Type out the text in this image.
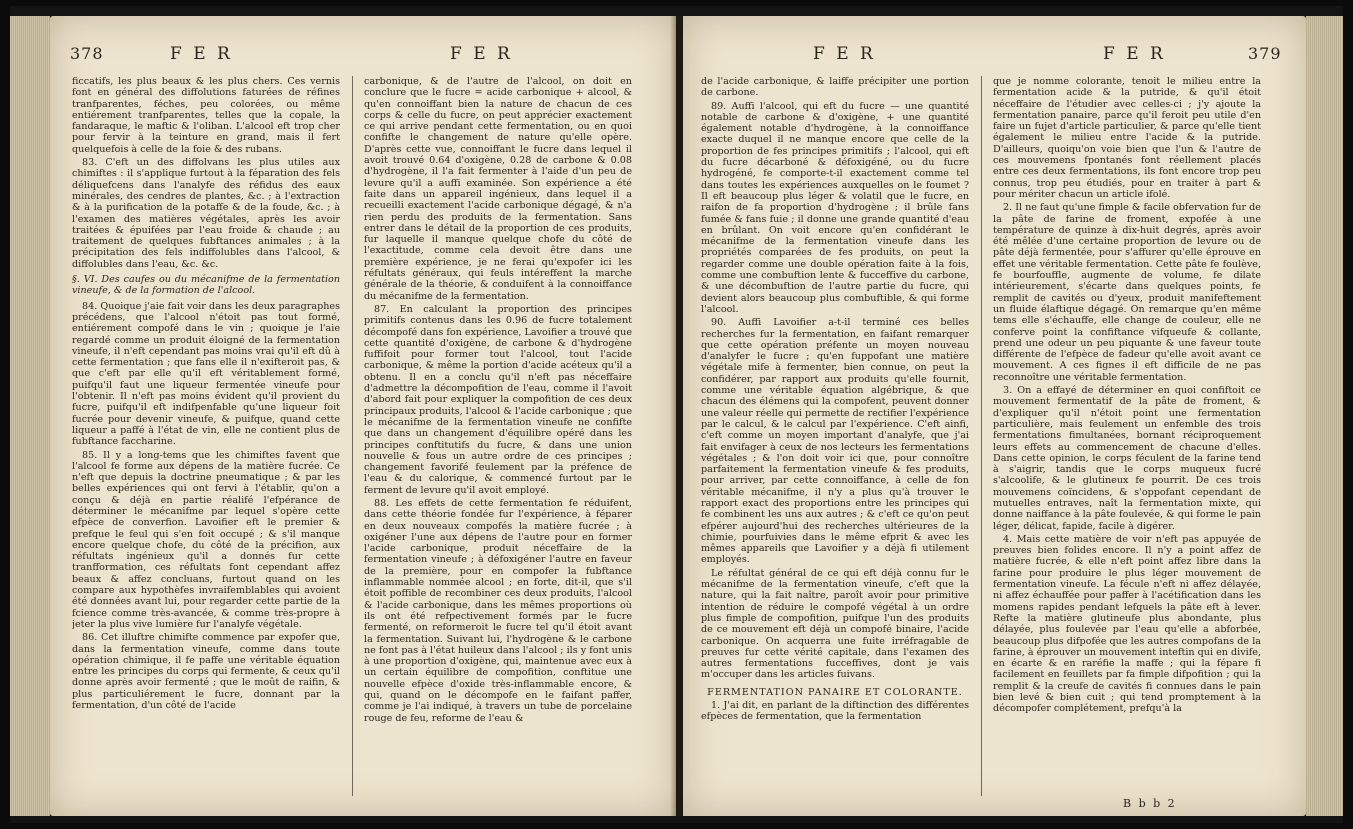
378	F E R	F E R

ficcatifs, les plus beaux & les plus chers. Ces vernis font en général des diffolutions faturées de réfines tranfparentes, féches, peu colorées, ou même entiérement tranfparentes, telles que la copale, la fandaraque, le maftic & l'oliban. L'alcool eft trop cher pour fervir à la teinture en grand, mais il fert quelquefois à celle de la foie & des rubans.

83. C'eft un des diffolvans les plus utiles aux chimiftes : il s'applique furtout à la féparation des fels déliquefcens dans l'analyfe des réfidus des eaux minérales, des cendres de plantes, &c. ; à l'extraction & à la purification de la potaffe & de la foude, &c. ; à l'examen des matières végétales, après les avoir traitées & épuifées par l'eau froide & chaude ; au traitement de quelques fubftances animales ; à la précipitation des fels indiffolubles dans l'alcool, & diffolubles dans l'eau, &c. &c.

§. VI. Des caufes ou du mécanifme de la fermentation vineufe, & de la formation de l'alcool.

84. Quoique j'aie fait voir dans les deux paragraphes précédens, que l'alcool n'étoit pas tout formé, entiérement compofé dans le vin ; quoique je l'aie regardé comme un produit éloigné de la fermentation vineufe, il n'eft cependant pas moins vrai qu'il eft dû à cette fermentation ; que fans elle il n'exifteroit pas, & que c'eft par elle qu'il eft véritablement formé, puifqu'il faut une liqueur fermentée vineufe pour l'obtenir. Il n'eft pas moins évident qu'il provient du fucre, puifqu'il eft indifpenfable qu'une liqueur foit fucrée pour devenir vineufe, & puifque, quand cette liqueur a paffé à l'état de vin, elle ne contient plus de fubftance faccharine.

85. Il y a long-tems que les chimiftes favent que l'alcool fe forme aux dépens de la matière fucrée. Ce n'eft que depuis la doctrine pneumatique ; & par les belles expériences qui ont fervi à l'établir, qu'on a conçu & déjà en partie réalifé l'efpérance de déterminer le mécanifme par lequel s'opère cette efpèce de converfion. Lavoifier eft le premier & prefque le feul qui s'en foit occupé ; & s'il manque encore quelque chofe, du côté de la précifion, aux réfultats ingénieux qu'il a donnés fur cette tranfformation, ces réfultats font cependant affez beaux & affez concluans, furtout quand on les compare aux hypothèfes invraifemblables qui avoient été données avant lui, pour regarder cette partie de la fcience comme très-avancée, & comme très-propre à jeter la plus vive lumière fur l'analyfe végétale.

86. Cet illuftre chimifte commence par expofer que, dans la fermentation vineufe, comme dans toute opération chimique, il fe paffe une véritable équation entre les principes du corps qui fermente, & ceux qu'il donne après avoir fermenté ; que le moût de raifin, & plus particuliérement le fucre, donnant par la fermentation, d'un côté de l'acide

carbonique, & de l'autre de l'alcool, on doit en conclure que le fucre = acide carbonique + alcool, & qu'en connoiffant bien la nature de chacun de ces corps & celle du fucre, on peut apprécier exactement ce qui arrive pendant cette fermentation, ou en quoi confifte le changement de nature qu'elle opère. D'après cette vue, connoiffant le fucre dans lequel il avoit trouvé 0.64 d'oxigène, 0.28 de carbone & 0.08 d'hydrogène, il l'a fait fermenter à l'aide d'un peu de levure qu'il a auffi examinée. Son expérience a été faite dans un appareil ingénieux, dans lequel il a recueilli exactement l'acide carbonique dégagé, & n'a rien perdu des produits de la fermentation. Sans entrer dans le détail de la proportion de ces produits, fur laquelle il manque quelque chofe du côté de l'exactitude, comme cela devoit être dans une première expérience, je ne ferai qu'expofer ici les réfultats généraux, qui feuls intéreffent la marche générale de la théorie, & conduifent à la connoiffance du mécanifme de la fermentation.

87. En calculant la proportion des principes primitifs contenus dans les 0.96 de fucre totalement décompofé dans fon expérience, Lavoifier a trouvé que cette quantité d'oxigène, de carbone & d'hydrogène fuffifoit pour former tout l'alcool, tout l'acide carbonique, & même la portion d'acide acéteux qu'il a obtenu. Il en a conclu qu'il n'eft pas néceffaire d'admettre la décompofition de l'eau, comme il l'avoit d'abord fait pour expliquer la compofition de ces deux principaux produits, l'alcool & l'acide carbonique ; que le mécanifme de la fermentation vineufe ne confifte que dans un changement d'équilibre opéré dans les principes conftitutifs du fucre, & dans une union nouvelle & fous un autre ordre de ces principes ; changement favorifé feulement par la préfence de l'eau & du calorique, & commencé furtout par le ferment de levure qu'il avoit employé.

88. Les effets de cette fermentation fe réduifent, dans cette théorie fondée fur l'expérience, à féparer en deux nouveaux compofés la matière fucrée ; à oxigéner l'une aux dépens de l'autre pour en former l'acide carbonique, produit néceffaire de la fermentation vineufe ; à défoxigéner l'autre en faveur de la première, pour en compofer la fubftance inflammable nommée alcool ; en forte, dit-il, que s'il étoit poffible de recombiner ces deux produits, l'alcool & l'acide carbonique, dans les mêmes proportions où ils ont été refpectivement formés par le fucre fermenté, on reformeroit le fucre tel qu'il étoit avant la fermentation. Suivant lui, l'hydrogène & le carbone ne font pas à l'état huileux dans l'alcool ; ils y font unis à une proportion d'oxigène, qui, maintenue avec eux à un certain équilibre de compofition, conftitue une nouvelle efpèce d'oxide très-inflammable encore, & qui, quand on le décompofe en le faifant paffer, comme je l'ai indiqué, à travers un tube de porcelaine rouge de feu, reforme de l'eau &

F E R	F E R	379

de l'acide carbonique, & laiffe précipiter une portion de carbone.

89. Auffi l'alcool, qui eft du fucre — une quantité notable de carbone & d'oxigène, + une quantité également notable d'hydrogène, à la connoiffance exacte duquel il ne manque encore que celle de la proportion de fes principes primitifs ; l'alcool, qui eft du fucre décarboné & défoxigéné, ou du fucre hydrogéné, fe comporte-t-il exactement comme tel dans toutes les expériences auxquelles on le foumet ? Il eft beaucoup plus léger & volatil que le fucre, en raifon de fa proportion d'hydrogène ; il brûle fans fumée & fans fuie ; il donne une grande quantité d'eau en brûlant. On voit encore qu'en confidérant le mécanifme de la fermentation vineufe dans les propriétés comparées de fes produits, on peut la regarder comme une double opération faite à la fois, comme une combuftion lente & fucceffive du carbone, & une décombuftion de l'autre partie du fucre, qui devient alors beaucoup plus combuftible, & qui forme l'alcool.

90. Auffi Lavoifier a-t-il terminé ces belles recherches fur la fermentation, en faifant remarquer que cette opération préfente un moyen nouveau d'analyfer le fucre ; qu'en fuppofant une matière végétale mife à fermenter, bien connue, on peut la confidérer, par rapport aux produits qu'elle fournit, comme une véritable équation algébrique, & que chacun des élémens qui la compofent, peuvent donner une valeur réelle qui permette de rectifier l'expérience par le calcul, & le calcul par l'expérience. C'eft ainfi, c'eft comme un moyen important d'analyfe, que j'ai fait envifager à ceux de nos lecteurs les fermentations végétales ; & l'on doit voir ici que, pour connoître parfaitement la fermentation vineufe & fes produits, pour arriver, par cette connoiffance, à celle de fon véritable mécanifme, il n'y a plus qu'à trouver le rapport exact des proportions entre les principes qui fe combinent les uns aux autres ; & c'eft ce qu'on peut efpérer aujourd'hui des recherches ultérieures de la chimie, pourfuivies dans le même efprit & avec les mêmes appareils que Lavoifier y a déjà fi utilement employés.

Le réfultat général de ce qui eft déjà connu fur le mécanifme de la fermentation vineufe, c'eft que la nature, qui la fait naître, paroît avoir pour primitive intention de réduire le compofé végétal à un ordre plus fimple de compofition, puifque l'un des produits de ce mouvement eft déjà un compofé binaire, l'acide carbonique. On acquerra une fuite irréfragable de preuves fur cette vérité capitale, dans l'examen des autres fermentations fucceffives, dont je vais m'occuper dans les articles fuivans.

FERMENTATION PANAIRE ET COLORANTE.

1. J'ai dit, en parlant de la diftinction des différentes efpèces de fermentation, que la fermentation

que je nomme colorante, tenoit le milieu entre la fermentation acide & la putride, & qu'il étoit néceffaire de l'étudier avec celles-ci ; j'y ajoute la fermentation panaire, parce qu'il feroit peu utile d'en faire un fujet d'article particulier, & parce qu'elle tient également le milieu entre l'acide & la putride. D'ailleurs, quoiqu'on voie bien que l'un & l'autre de ces mouvemens fpontanés font réellement placés entre ces deux fermentations, ils font encore trop peu connus, trop peu étudiés, pour en traiter à part & pour mériter chacun un article ifolé.

2. Il ne faut qu'une fimple & facile obfervation fur de la pâte de farine de froment, expofée à une température de quinze à dix-huit degrés, après avoir été mêlée d'une certaine proportion de levure ou de pâte déjà fermentée, pour s'affurer qu'elle éprouve en effet une véritable fermentation. Cette pâte fe foulève, fe bourfouffle, augmente de volume, fe dilate intérieurement, s'écarte dans quelques points, fe remplit de cavités ou d'yeux, produit manifeftement un fluide élaftique dégagé. On remarque qu'en même tems elle s'échauffe, elle change de couleur, elle ne conferve point la confiftance vifqueufe & collante, prend une odeur un peu piquante & une faveur toute différente de l'efpèce de fadeur qu'elle avoit avant ce mouvement. A ces fignes il eft difficile de ne pas reconnoître une véritable fermentation.

3. On a effayé de déterminer en quoi confiftoit ce mouvement fermentatif de la pâte de froment, & d'expliquer qu'il n'étoit point une fermentation particulière, mais feulement un enfemble des trois fermentations fimultanées, bornant réciproquement leurs effets au commencement de chacune d'elles. Dans cette opinion, le corps féculent de la farine tend à s'aigrir, tandis que le corps muqueux fucré s'alcoolife, & le glutineux fe pourrit. De ces trois mouvemens coïncidens, & s'oppofant cependant de mutuelles entraves, naît la fermentation mixte, qui donne naiffance à la pâte foulevée, & qui forme le pain léger, délicat, fapide, facile à digérer.

4. Mais cette matière de voir n'eft pas appuyée de preuves bien folides encore. Il n'y a point affez de matière fucrée, & elle n'eft point affez libre dans la farine pour produire le plus léger mouvement de fermentation vineufe. La fécule n'eft ni affez délayée, ni affez échauffée pour paffer à l'acétification dans les momens rapides pendant lefquels la pâte eft à lever. Refte la matière glutineufe plus abondante, plus délayée, plus foulevée par l'eau qu'elle a abforbée, beaucoup plus difpofée que les autres compofans de la farine, à éprouver un mouvement inteftin qui en divife, en écarte & en raréfie la maffe ; qui la fépare fi facilement en feuillets par fa fimple difpofition ; qui la remplit & la creufe de cavités fi connues dans le pain bien levé & bien cuit ; qui tend promptement à la décompofer complétement, prefqu'à la

B b b 2
